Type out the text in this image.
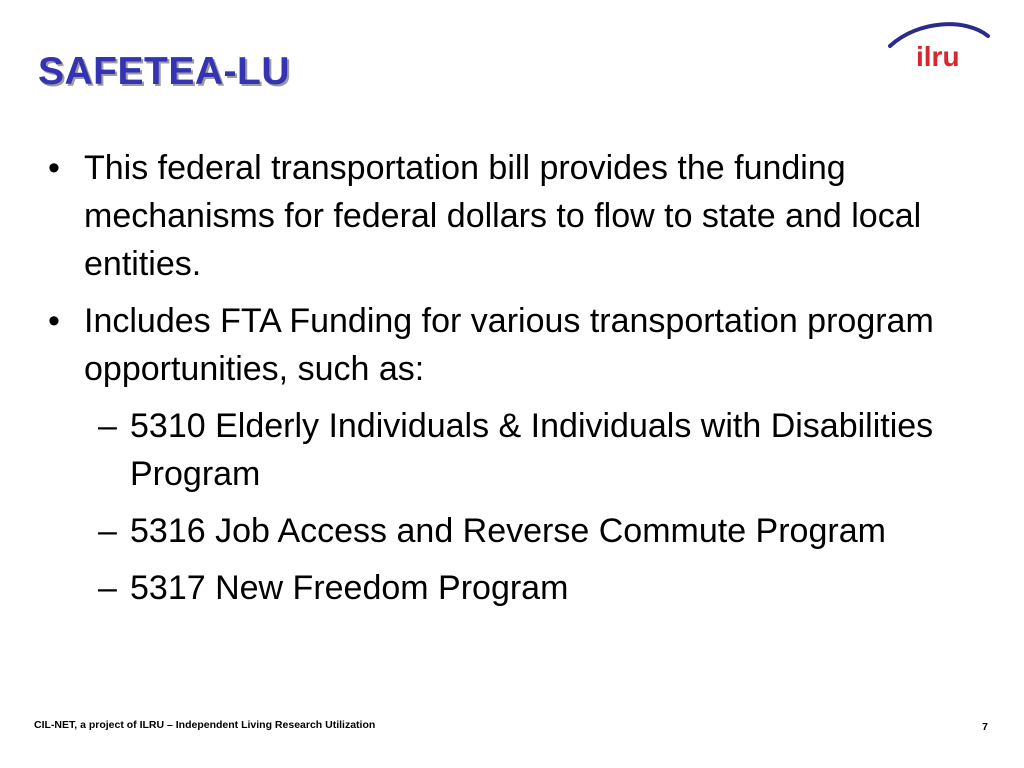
SAFETEA-LU	ilru
• This federal transportation bill provides the funding mechanisms for federal dollars to flow to state and local entities.
• Includes FTA Funding for various transportation program opportunities, such as:
– 5310 Elderly Individuals & Individuals with Disabilities Program
– 5316 Job Access and Reverse Commute Program
– 5317 New Freedom Program
CIL-NET, a project of ILRU – Independent Living Research Utilization	7
